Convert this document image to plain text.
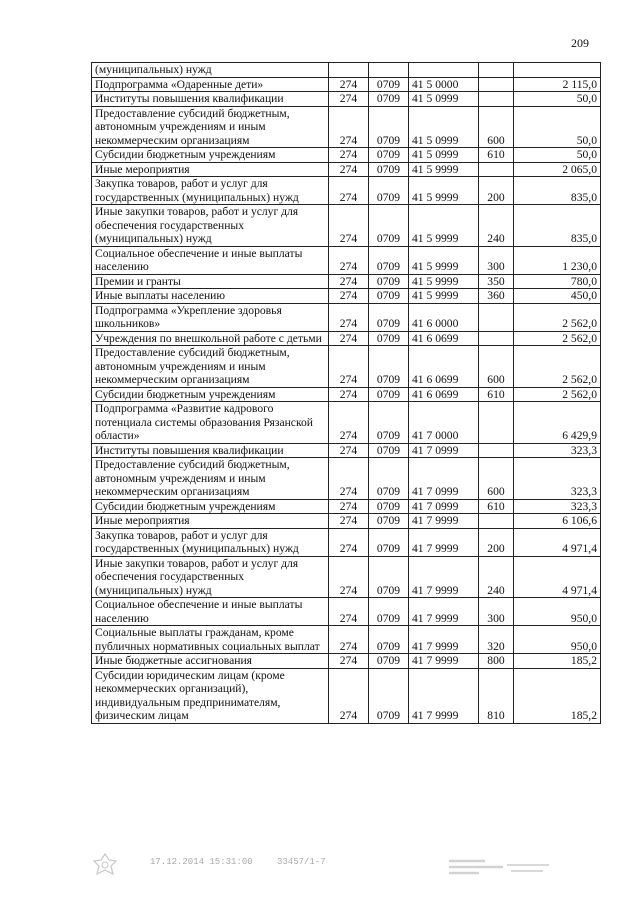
209
(муниципальных) нужд					
Подпрограмма «Одаренные дети»	274	0709	41 5 0000		2 115,0
Институты повышения квалификации	274	0709	41 5 0999		50,0
Предоставление субсидий бюджетным, автономным учреждениям и иным некоммерческим организациям	274	0709	41 5 0999	600	50,0
Субсидии бюджетным учреждениям	274	0709	41 5 0999	610	50,0
Иные мероприятия	274	0709	41 5 9999		2 065,0
Закупка товаров, работ и услуг для государственных (муниципальных) нужд	274	0709	41 5 9999	200	835,0
Иные закупки товаров, работ и услуг для обеспечения государственных (муниципальных) нужд	274	0709	41 5 9999	240	835,0
Социальное обеспечение и иные выплаты населению	274	0709	41 5 9999	300	1 230,0
Премии и гранты	274	0709	41 5 9999	350	780,0
Иные выплаты населению	274	0709	41 5 9999	360	450,0
Подпрограмма «Укрепление здоровья школьников»	274	0709	41 6 0000		2 562,0
Учреждения по внешкольной работе с детьми	274	0709	41 6 0699		2 562,0
Предоставление субсидий бюджетным, автономным учреждениям и иным некоммерческим организациям	274	0709	41 6 0699	600	2 562,0
Субсидии бюджетным учреждениям	274	0709	41 6 0699	610	2 562,0
Подпрограмма «Развитие кадрового потенциала системы образования Рязанской области»	274	0709	41 7 0000		6 429,9
Институты повышения квалификации	274	0709	41 7 0999		323,3
Предоставление субсидий бюджетным, автономным учреждениям и иным некоммерческим организациям	274	0709	41 7 0999	600	323,3
Субсидии бюджетным учреждениям	274	0709	41 7 0999	610	323,3
Иные мероприятия	274	0709	41 7 9999		6 106,6
Закупка товаров, работ и услуг для государственных (муниципальных) нужд	274	0709	41 7 9999	200	4 971,4
Иные закупки товаров, работ и услуг для обеспечения государственных (муниципальных) нужд	274	0709	41 7 9999	240	4 971,4
Социальное обеспечение и иные выплаты населению	274	0709	41 7 9999	300	950,0
Социальные выплаты гражданам, кроме публичных нормативных социальных выплат	274	0709	41 7 9999	320	950,0
Иные бюджетные ассигнования	274	0709	41 7 9999	800	185,2
Субсидии юридическим лицам (кроме некоммерческих организаций), индивидуальным предпринимателям, физическим лицам	274	0709	41 7 9999	810	185,2
17.12.2014 15:31:00	33457/1-7
